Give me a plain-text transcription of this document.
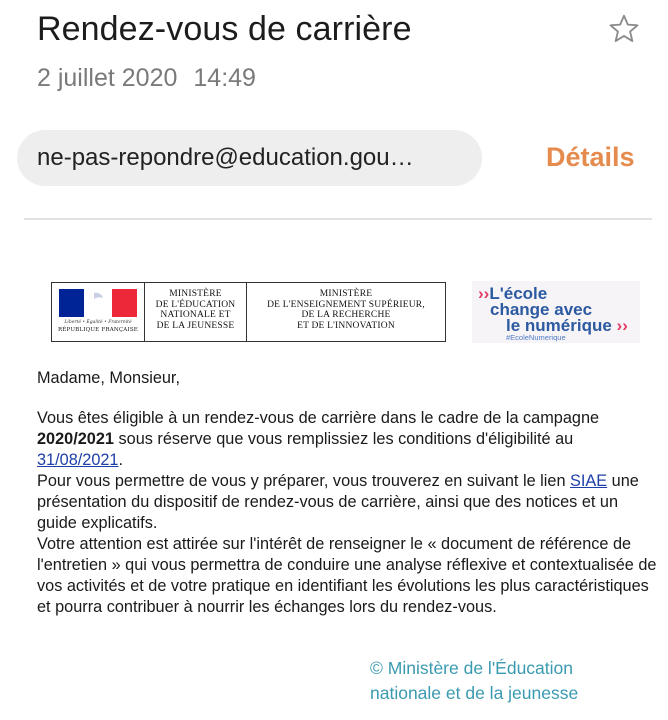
Rendez-vous de carrière
2 juillet 2020 14:49
ne-pas-repondre@education.gou…	Détails
Liberté • Égalité • Fraternité
RÉPUBLIQUE FRANÇAISE
MINISTÈRE
DE L'ÉDUCATION
NATIONALE ET
DE LA JEUNESSE
MINISTÈRE
DE L'ENSEIGNEMENT SUPÉRIEUR,
DE LA RECHERCHE
ET DE L'INNOVATION
››L'école
change avec
le numérique ››
#EcoleNumerique

Madame, Monsieur,

Vous êtes éligible à un rendez-vous de carrière dans le cadre de la campagne 2020/2021 sous réserve que vous remplissiez les conditions d'éligibilité au 31/08/2021.

Pour vous permettre de vous y préparer, vous trouverez en suivant le lien SIAE une présentation du dispositif de rendez-vous de carrière, ainsi que des notices et un guide explicatifs.

Votre attention est attirée sur l'intérêt de renseigner le « document de référence de l'entretien » qui vous permettra de conduire une analyse réflexive et contextualisée de vos activités et de votre pratique en identifiant les évolutions les plus caractéristiques et pourra contribuer à nourrir les échanges lors du rendez-vous.

© Ministère de l'Éducation
nationale et de la jeunesse
